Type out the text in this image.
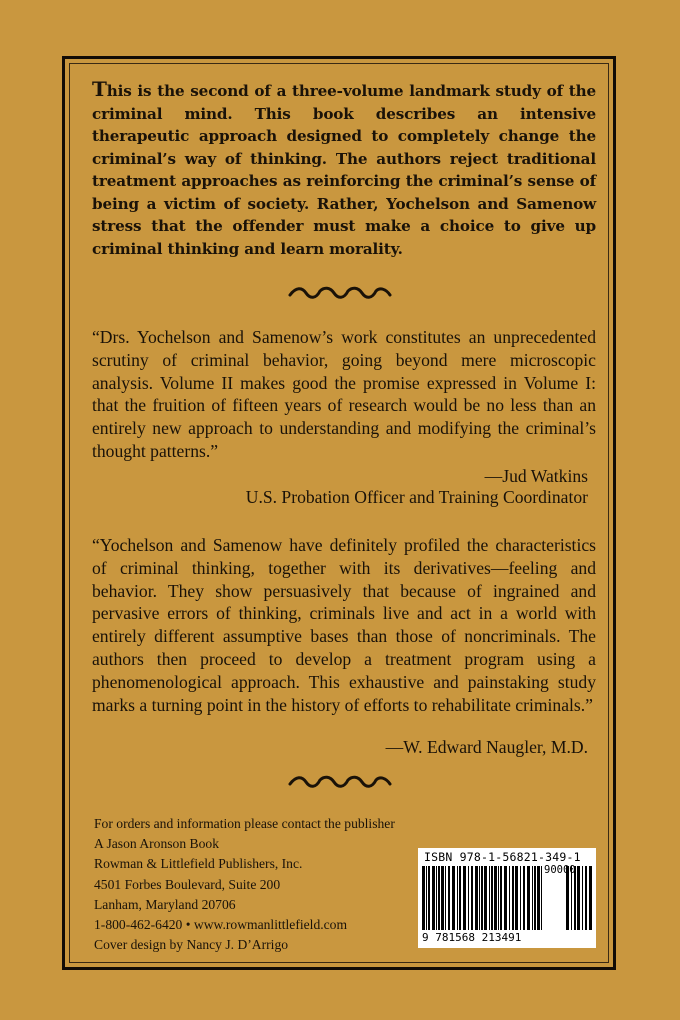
This is the second of a three-volume landmark study of the criminal mind. This book describes an intensive therapeutic approach designed to completely change the criminal’s way of thinking. The authors reject traditional treatment approaches as reinforcing the criminal’s sense of being a victim of society. Rather, Yochelson and Samenow stress that the offender must make a choice to give up criminal thinking and learn morality.

“Drs. Yochelson and Samenow’s work constitutes an unprecedented scrutiny of criminal behavior, going beyond mere microscopic analysis. Volume II makes good the promise expressed in Volume I: that the fruition of fifteen years of research would be no less than an entirely new approach to understanding and modifying the criminal’s thought patterns.”

—Jud Watkins

U.S. Probation Officer and Training Coordinator

“Yochelson and Samenow have definitely profiled the characteristics of criminal thinking, together with its derivatives—feeling and behavior. They show persuasively that because of ingrained and pervasive errors of thinking, criminals live and act in a world with entirely different assumptive bases than those of noncriminals. The authors then proceed to develop a treatment program using a phenomenological approach. This exhaustive and painstaking study marks a turning point in the history of efforts to rehabilitate criminals.”

—W. Edward Naugler, M.D.

For orders and information please contact the publisher
A Jason Aronson Book
Rowman & Littlefield Publishers, Inc.
4501 Forbes Boulevard, Suite 200
Lanham, Maryland 20706
1-800-462-6420 • www.rowmanlittlefield.com
Cover design by Nancy J. D’Arrigo
ISBN 978-1-56821-349-1
90000
9 781568 213491
